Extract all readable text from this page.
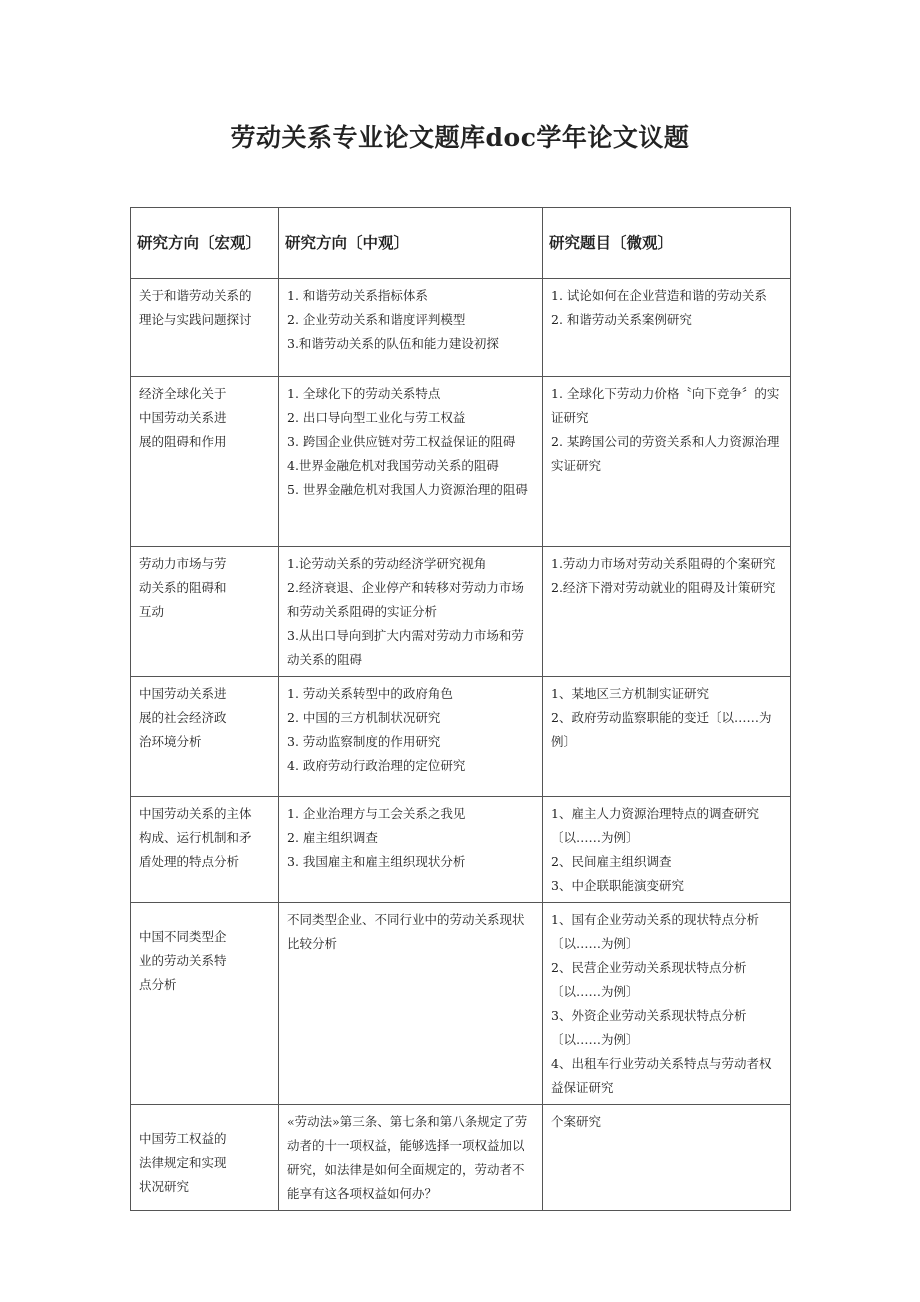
劳动关系专业论文题库doc学年论文议题
研究方向〔宏观〕	研究方向〔中观〕	研究题目〔微观〕

关于和谐劳动关系的
理论与实践问题探讨	1. 和谐劳动关系指标体系
2. 企业劳动关系和谐度评判模型
3.和谐劳动关系的队伍和能力建设初探	1. 试论如何在企业营造和谐的劳动关系
2. 和谐劳动关系案例研究

经济全球化关于
中国劳动关系进
展的阻碍和作用	1. 全球化下的劳动关系特点
2. 出口导向型工业化与劳工权益
3. 跨国企业供应链对劳工权益保证的阻碍
4.世界金融危机对我国劳动关系的阻碍
5. 世界金融危机对我国人力资源治理的阻碍	1. 全球化下劳动力价格〝向下竞争〞的实证研究
2. 某跨国公司的劳资关系和人力资源治理实证研究

劳动力市场与劳
动关系的阻碍和
互动	1.论劳动关系的劳动经济学研究视角
2.经济衰退、企业停产和转移对劳动力市场和劳动关系阻碍的实证分析
3.从出口导向到扩大内需对劳动力市场和劳动关系的阻碍	1.劳动力市场对劳动关系阻碍的个案研究
2.经济下滑对劳动就业的阻碍及计策研究

中国劳动关系进
展的社会经济政
治环境分析	1. 劳动关系转型中的政府角色
2. 中国的三方机制状况研究
3. 劳动监察制度的作用研究
4. 政府劳动行政治理的定位研究	1、某地区三方机制实证研究
2、政府劳动监察职能的变迁〔以……为例〕

中国劳动关系的主体
构成、运行机制和矛
盾处理的特点分析	1. 企业治理方与工会关系之我见
2. 雇主组织调查
3. 我国雇主和雇主组织现状分析	1、雇主人力资源治理特点的调查研究〔以……为例〕
2、民间雇主组织调查
3、中企联职能演变研究

中国不同类型企
业的劳动关系特
点分析	不同类型企业、不同行业中的劳动关系现状比较分析	1、国有企业劳动关系的现状特点分析〔以……为例〕
2、民营企业劳动关系现状特点分析〔以……为例〕
3、外资企业劳动关系现状特点分析〔以……为例〕
4、出租车行业劳动关系特点与劳动者权益保证研究

中国劳工权益的
法律规定和实现
状况研究	«劳动法»第三条、第七条和第八条规定了劳动者的十一项权益，能够选择一项权益加以研究，如法律是如何全面规定的，劳动者不能享有这各项权益如何办？	个案研究
